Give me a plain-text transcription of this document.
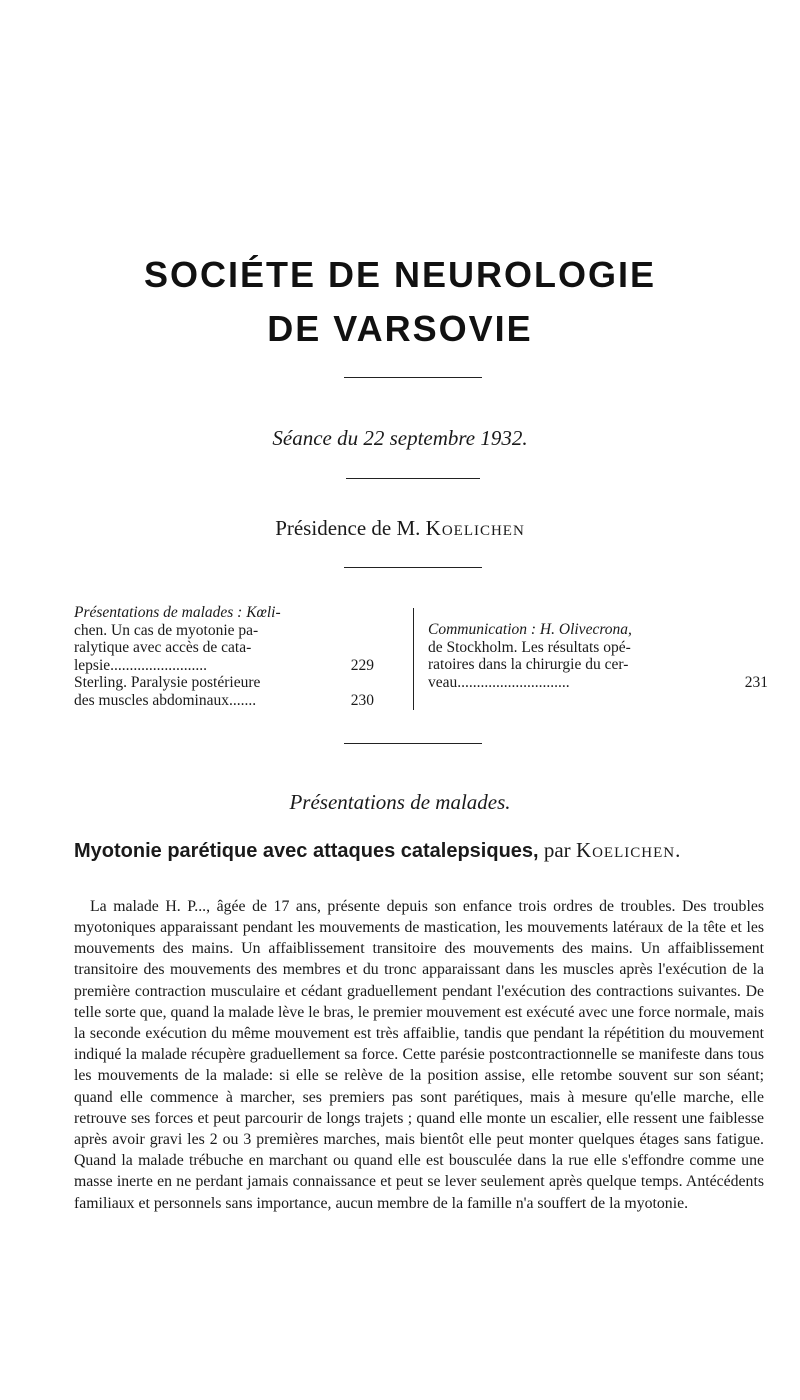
SOCIÉTE DE NEUROLOGIE
DE VARSOVIE
Séance du 22 septembre 1932.
Présidence de M. Koelichen
Présentations de malades : Kœli-
chen. Un cas de myotonie pa-
ralytique avec accès de cata-
lepsie.........................	229
Sterling. Paralysie postérieure
des muscles abdominaux.......	230
Communication : H. Olivecrona,
de Stockholm. Les résultats opé-
ratoires dans la chirurgie du cer-
veau.............................	231
Présentations de malades.
Myotonie parétique avec attaques catalepsiques, par Koelichen.

La malade H. P..., âgée de 17 ans, présente depuis son enfance trois ordres de troubles. Des troubles myotoniques apparaissant pendant les mouvements de mastication, les mouvements latéraux de la tête et les mouvements des mains. Un affaiblissement transitoire des mouvements des mains. Un affaiblissement transitoire des mouvements des membres et du tronc apparaissant dans les muscles après l'exécution de la première contraction musculaire et cédant graduellement pendant l'exécution des contractions suivantes. De telle sorte que, quand la malade lève le bras, le premier mouvement est exécuté avec une force normale, mais la seconde exécution du même mouvement est très affaiblie, tandis que pendant la répétition du mouvement indiqué la malade récupère graduellement sa force. Cette parésie postcontractionnelle se manifeste dans tous les mouvements de la malade: si elle se relève de la position assise, elle retombe souvent sur son séant; quand elle commence à marcher, ses premiers pas sont parétiques, mais à mesure qu'elle marche, elle retrouve ses forces et peut parcourir de longs trajets ; quand elle monte un escalier, elle ressent une faiblesse après avoir gravi les 2 ou 3 premières marches, mais bientôt elle peut monter quelques étages sans fatigue. Quand la malade trébuche en marchant ou quand elle est bousculée dans la rue elle s'effondre comme une masse inerte en ne perdant jamais connaissance et peut se lever seulement après quelque temps. Antécédents familiaux et personnels sans importance, aucun membre de la famille n'a souffert de la myotonie.
